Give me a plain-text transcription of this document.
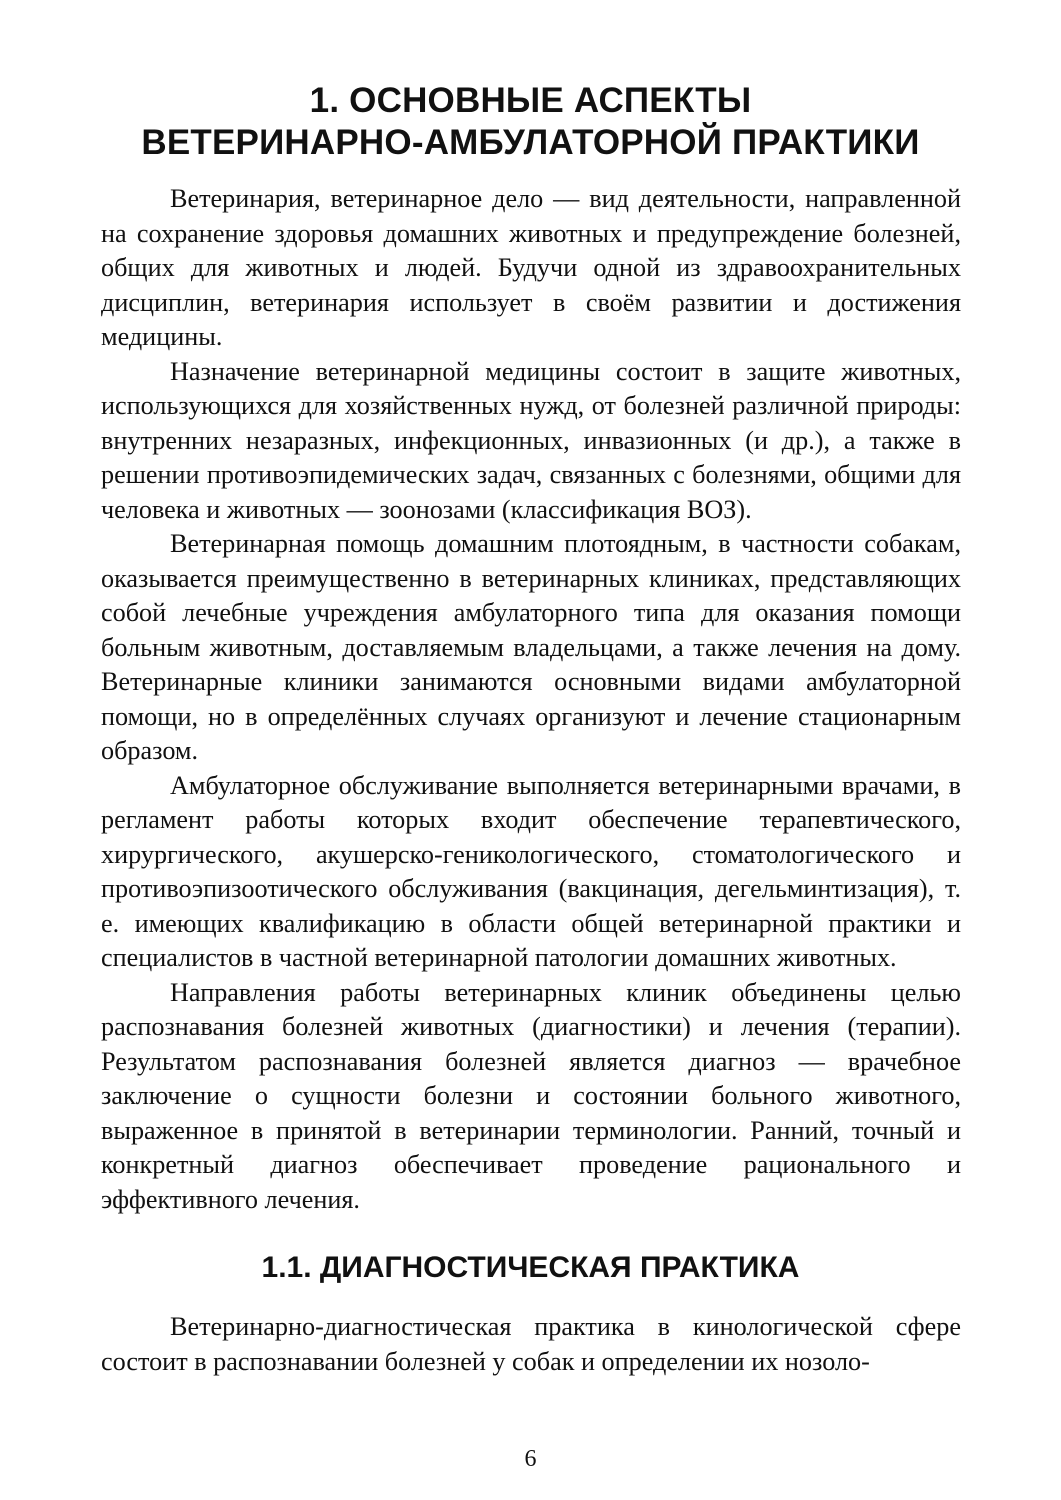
1. ОСНОВНЫЕ АСПЕКТЫ
ВЕТЕРИНАРНО-АМБУЛАТОРНОЙ ПРАКТИКИ

Ветеринария, ветеринарное дело — вид деятельности, направленной на сохранение здоровья домашних животных и предупреждение болезней, общих для животных и людей. Будучи одной из здравоохранительных дисциплин, ветеринария использует в своём развитии и достижения медицины.

Назначение ветеринарной медицины состоит в защите животных, использующихся для хозяйственных нужд, от болезней различной природы: внутренних незаразных, инфекционных, инвазионных (и др.), а также в решении противоэпидемических задач, связанных с болезнями, общими для человека и животных — зоонозами (классификация ВОЗ).

Ветеринарная помощь домашним плотоядным, в частности собакам, оказывается преимущественно в ветеринарных клиниках, представляющих собой лечебные учреждения амбулаторного типа для оказания помощи больным животным, доставляемым владельцами, а также лечения на дому. Ветеринарные клиники занимаются основными видами амбулаторной помощи, но в определённых случаях организуют и лечение стационарным образом.

Амбулаторное обслуживание выполняется ветеринарными врачами, в регламент работы которых входит обеспечение терапевтического, хирургического, акушерско-геникологического, стоматологического и противоэпизоотического обслуживания (вакцинация, дегельминтизация), т. е. имеющих квалификацию в области общей ветеринарной практики и специалистов в частной ветеринарной патологии домашних животных.

Направления работы ветеринарных клиник объединены целью распознавания болезней животных (диагностики) и лечения (терапии). Результатом распознавания болезней является диагноз — врачебное заключение о сущности болезни и состоянии больного животного, выраженное в принятой в ветеринарии терминологии. Ранний, точный и конкретный диагноз обеспечивает проведение рационального и эффективного лечения.

1.1. ДИАГНОСТИЧЕСКАЯ ПРАКТИКА

Ветеринарно-диагностическая практика в кинологической сфере состоит в распознавании болезней у собак и определении их нозоло-

6
